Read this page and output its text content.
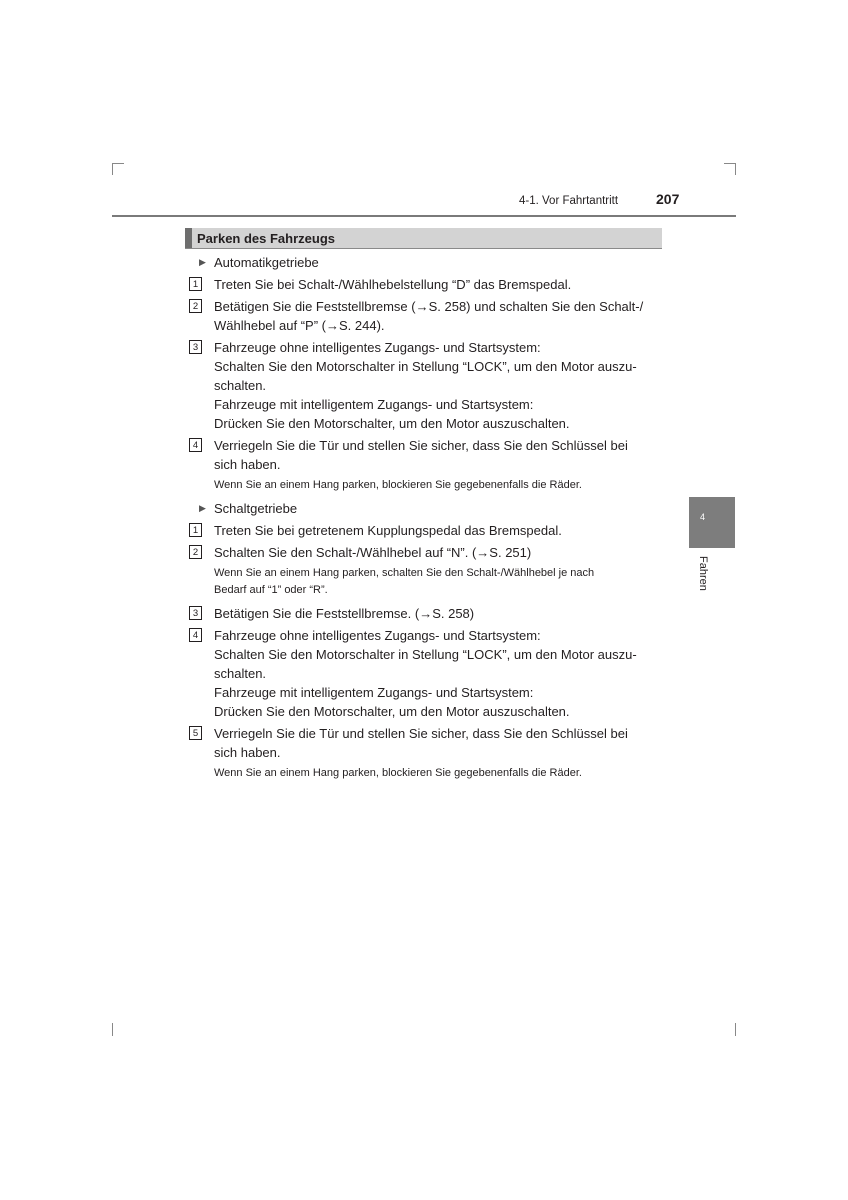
4-1. Vor Fahrtantritt	207
Parken des Fahrzeugs
4
Fahren
▶ Automatikgetriebe
1 Treten Sie bei Schalt-/Wählhebelstellung “D” das Bremspedal.
2 Betätigen Sie die Feststellbremse (→S. 258) und schalten Sie den Schalt-/
Wählhebel auf “P” (→S. 244).
3 Fahrzeuge ohne intelligentes Zugangs- und Startsystem:
Schalten Sie den Motorschalter in Stellung “LOCK”, um den Motor auszu-
schalten.
Fahrzeuge mit intelligentem Zugangs- und Startsystem:
Drücken Sie den Motorschalter, um den Motor auszuschalten.
4 Verriegeln Sie die Tür und stellen Sie sicher, dass Sie den Schlüssel bei
sich haben.
Wenn Sie an einem Hang parken, blockieren Sie gegebenenfalls die Räder.
▶ Schaltgetriebe
1 Treten Sie bei getretenem Kupplungspedal das Bremspedal.
2 Schalten Sie den Schalt-/Wählhebel auf “N”. (→S. 251)
Wenn Sie an einem Hang parken, schalten Sie den Schalt-/Wählhebel je nach
Bedarf auf “1” oder “R”.
3 Betätigen Sie die Feststellbremse. (→S. 258)
4 Fahrzeuge ohne intelligentes Zugangs- und Startsystem:
Schalten Sie den Motorschalter in Stellung “LOCK”, um den Motor auszu-
schalten.
Fahrzeuge mit intelligentem Zugangs- und Startsystem:
Drücken Sie den Motorschalter, um den Motor auszuschalten.
5 Verriegeln Sie die Tür und stellen Sie sicher, dass Sie den Schlüssel bei
sich haben.
Wenn Sie an einem Hang parken, blockieren Sie gegebenenfalls die Räder.
